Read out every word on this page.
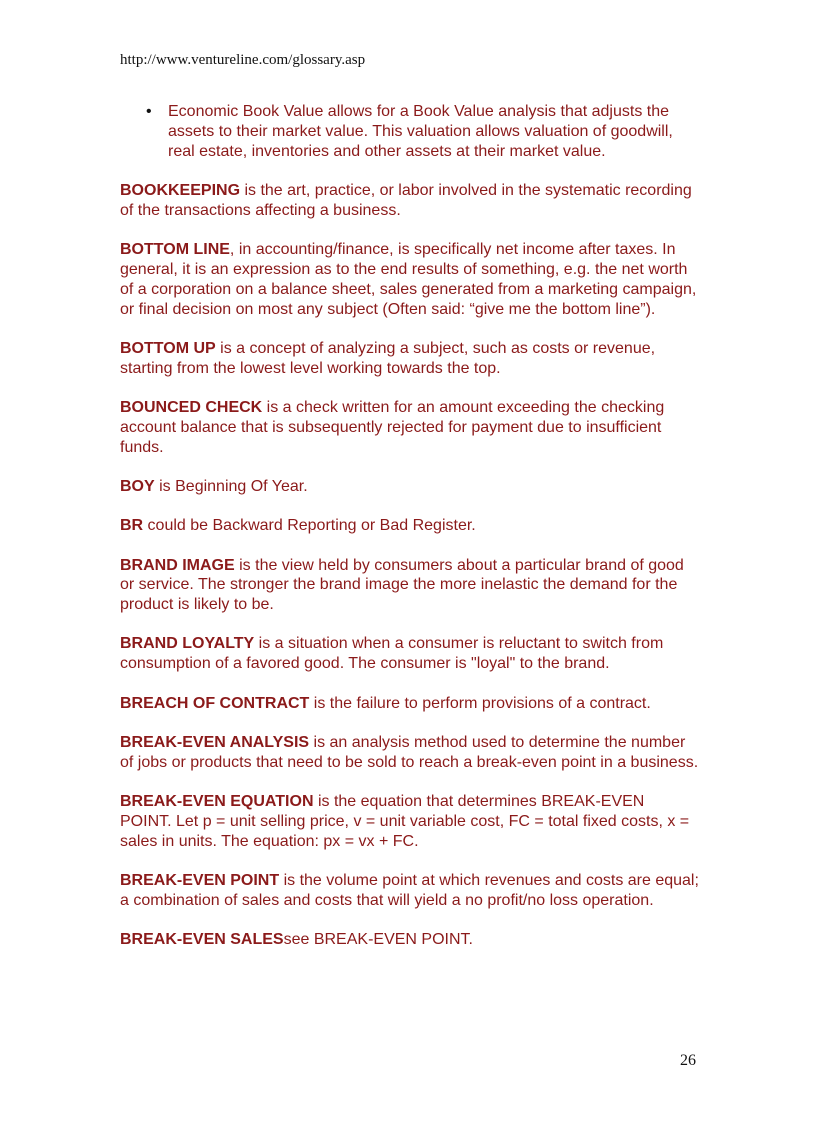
http://www.ventureline.com/glossary.asp
• Economic Book Value allows for a Book Value analysis that adjusts the assets to their market value. This valuation allows valuation of goodwill, real estate, inventories and other assets at their market value.
BOOKKEEPING is the art, practice, or labor involved in the systematic recording of the transactions affecting a business.
BOTTOM LINE, in accounting/finance, is specifically net income after taxes. In general, it is an expression as to the end results of something, e.g. the net worth of a corporation on a balance sheet, sales generated from a marketing campaign, or final decision on most any subject (Often said: “give me the bottom line”).
BOTTOM UP is a concept of analyzing a subject, such as costs or revenue, starting from the lowest level working towards the top.
BOUNCED CHECK is a check written for an amount exceeding the checking account balance that is subsequently rejected for payment due to insufficient funds.
BOY is Beginning Of Year.
BR could be Backward Reporting or Bad Register.
BRAND IMAGE is the view held by consumers about a particular brand of good or service. The stronger the brand image the more inelastic the demand for the product is likely to be.
BRAND LOYALTY is a situation when a consumer is reluctant to switch from consumption of a favored good. The consumer is "loyal" to the brand.
BREACH OF CONTRACT is the failure to perform provisions of a contract.
BREAK-EVEN ANALYSIS is an analysis method used to determine the number of jobs or products that need to be sold to reach a break-even point in a business.
BREAK-EVEN EQUATION is the equation that determines BREAK-EVEN POINT. Let p = unit selling price, v = unit variable cost, FC = total fixed costs, x = sales in units. The equation: px = vx + FC.
BREAK-EVEN POINT is the volume point at which revenues and costs are equal; a combination of sales and costs that will yield a no profit/no loss operation.
BREAK-EVEN SALESsee BREAK-EVEN POINT.
26
